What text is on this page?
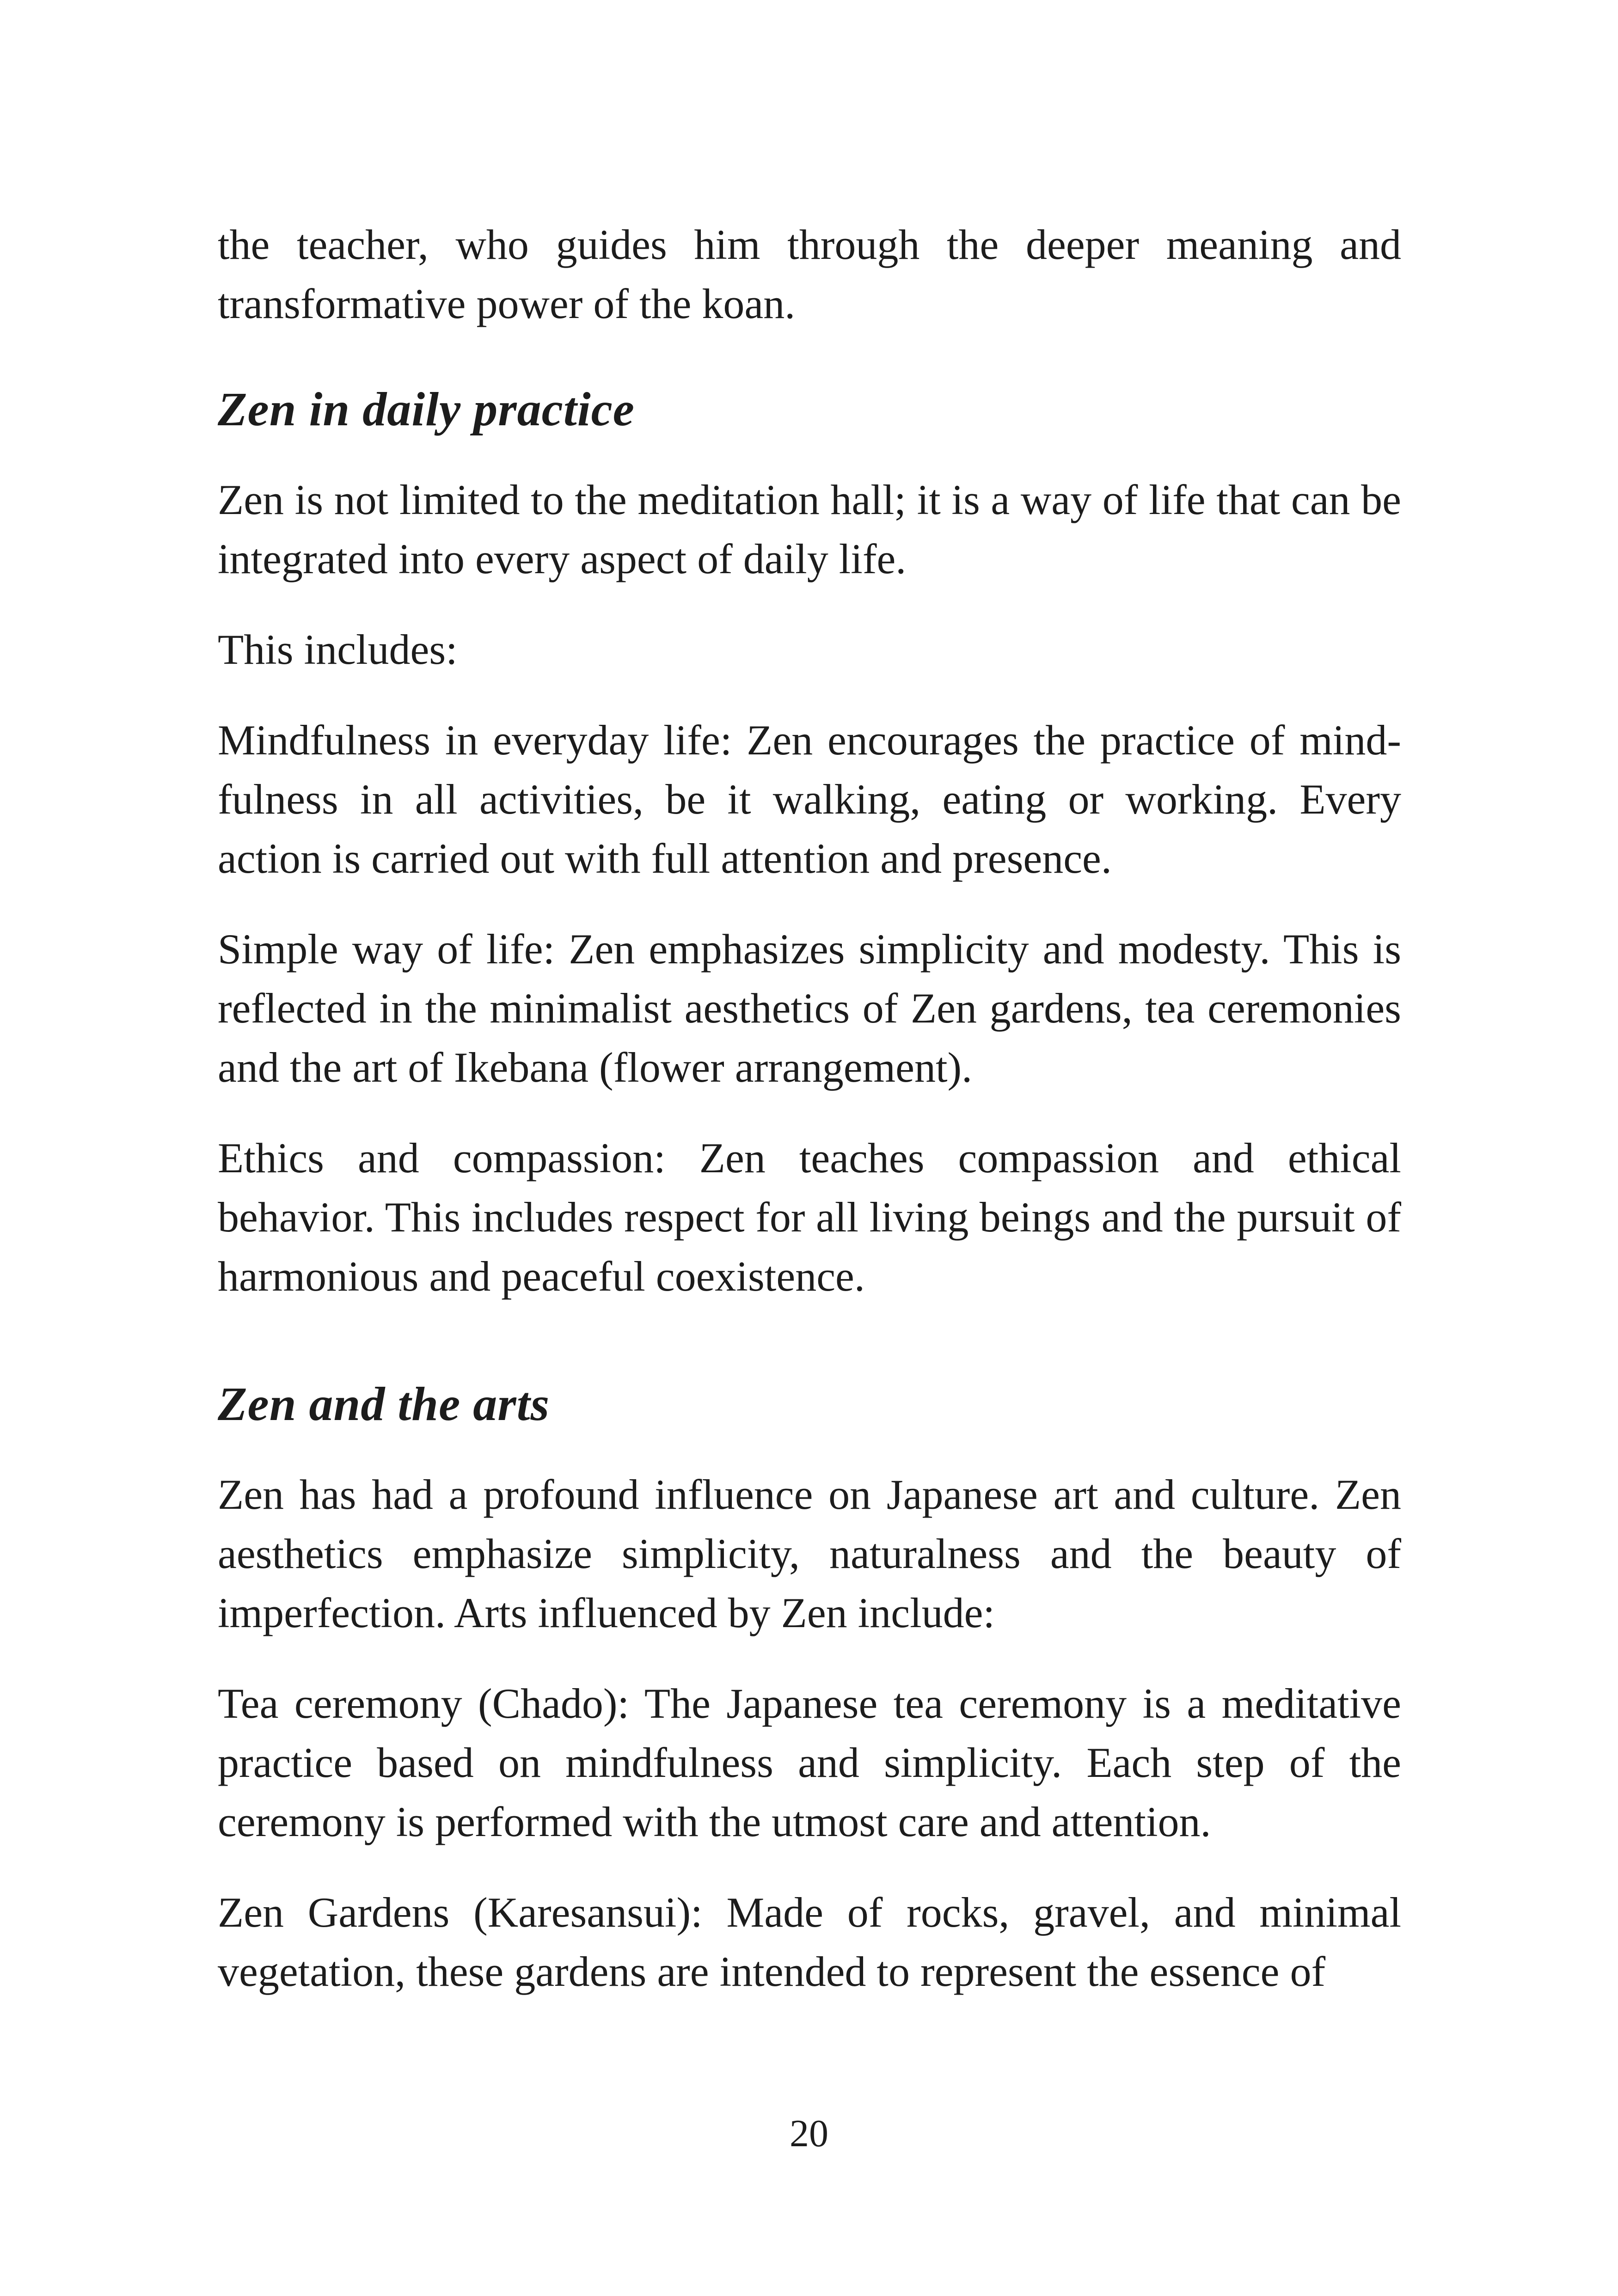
the teacher, who guides him through the deeper meaning and transformative power of the koan.

Zen in daily practice

Zen is not limited to the meditation hall; it is a way of life that can be integrated into every aspect of daily life.

This includes:

Mindfulness in everyday life: Zen encourages the practice of mindfulness in all activities, be it walking, eating or working. Every action is carried out with full attention and presence.

Simple way of life: Zen emphasizes simplicity and modesty. This is reflected in the minimalist aesthetics of Zen gardens, tea ceremonies and the art of Ikebana (flower arrangement).

Ethics and compassion: Zen teaches compassion and ethical behavior. This includes respect for all living beings and the pursuit of harmonious and peaceful coexistence.

Zen and the arts

Zen has had a profound influence on Japanese art and culture. Zen aesthetics emphasize simplicity, naturalness and the beauty of imperfection. Arts influenced by Zen include:

Tea ceremony (Chado): The Japanese tea ceremony is a meditative practice based on mindfulness and simplicity. Each step of the ceremony is performed with the utmost care and attention.

Zen Gardens (Karesansui): Made of rocks, gravel, and minimal vegetation, these gardens are intended to represent the essence of

20
